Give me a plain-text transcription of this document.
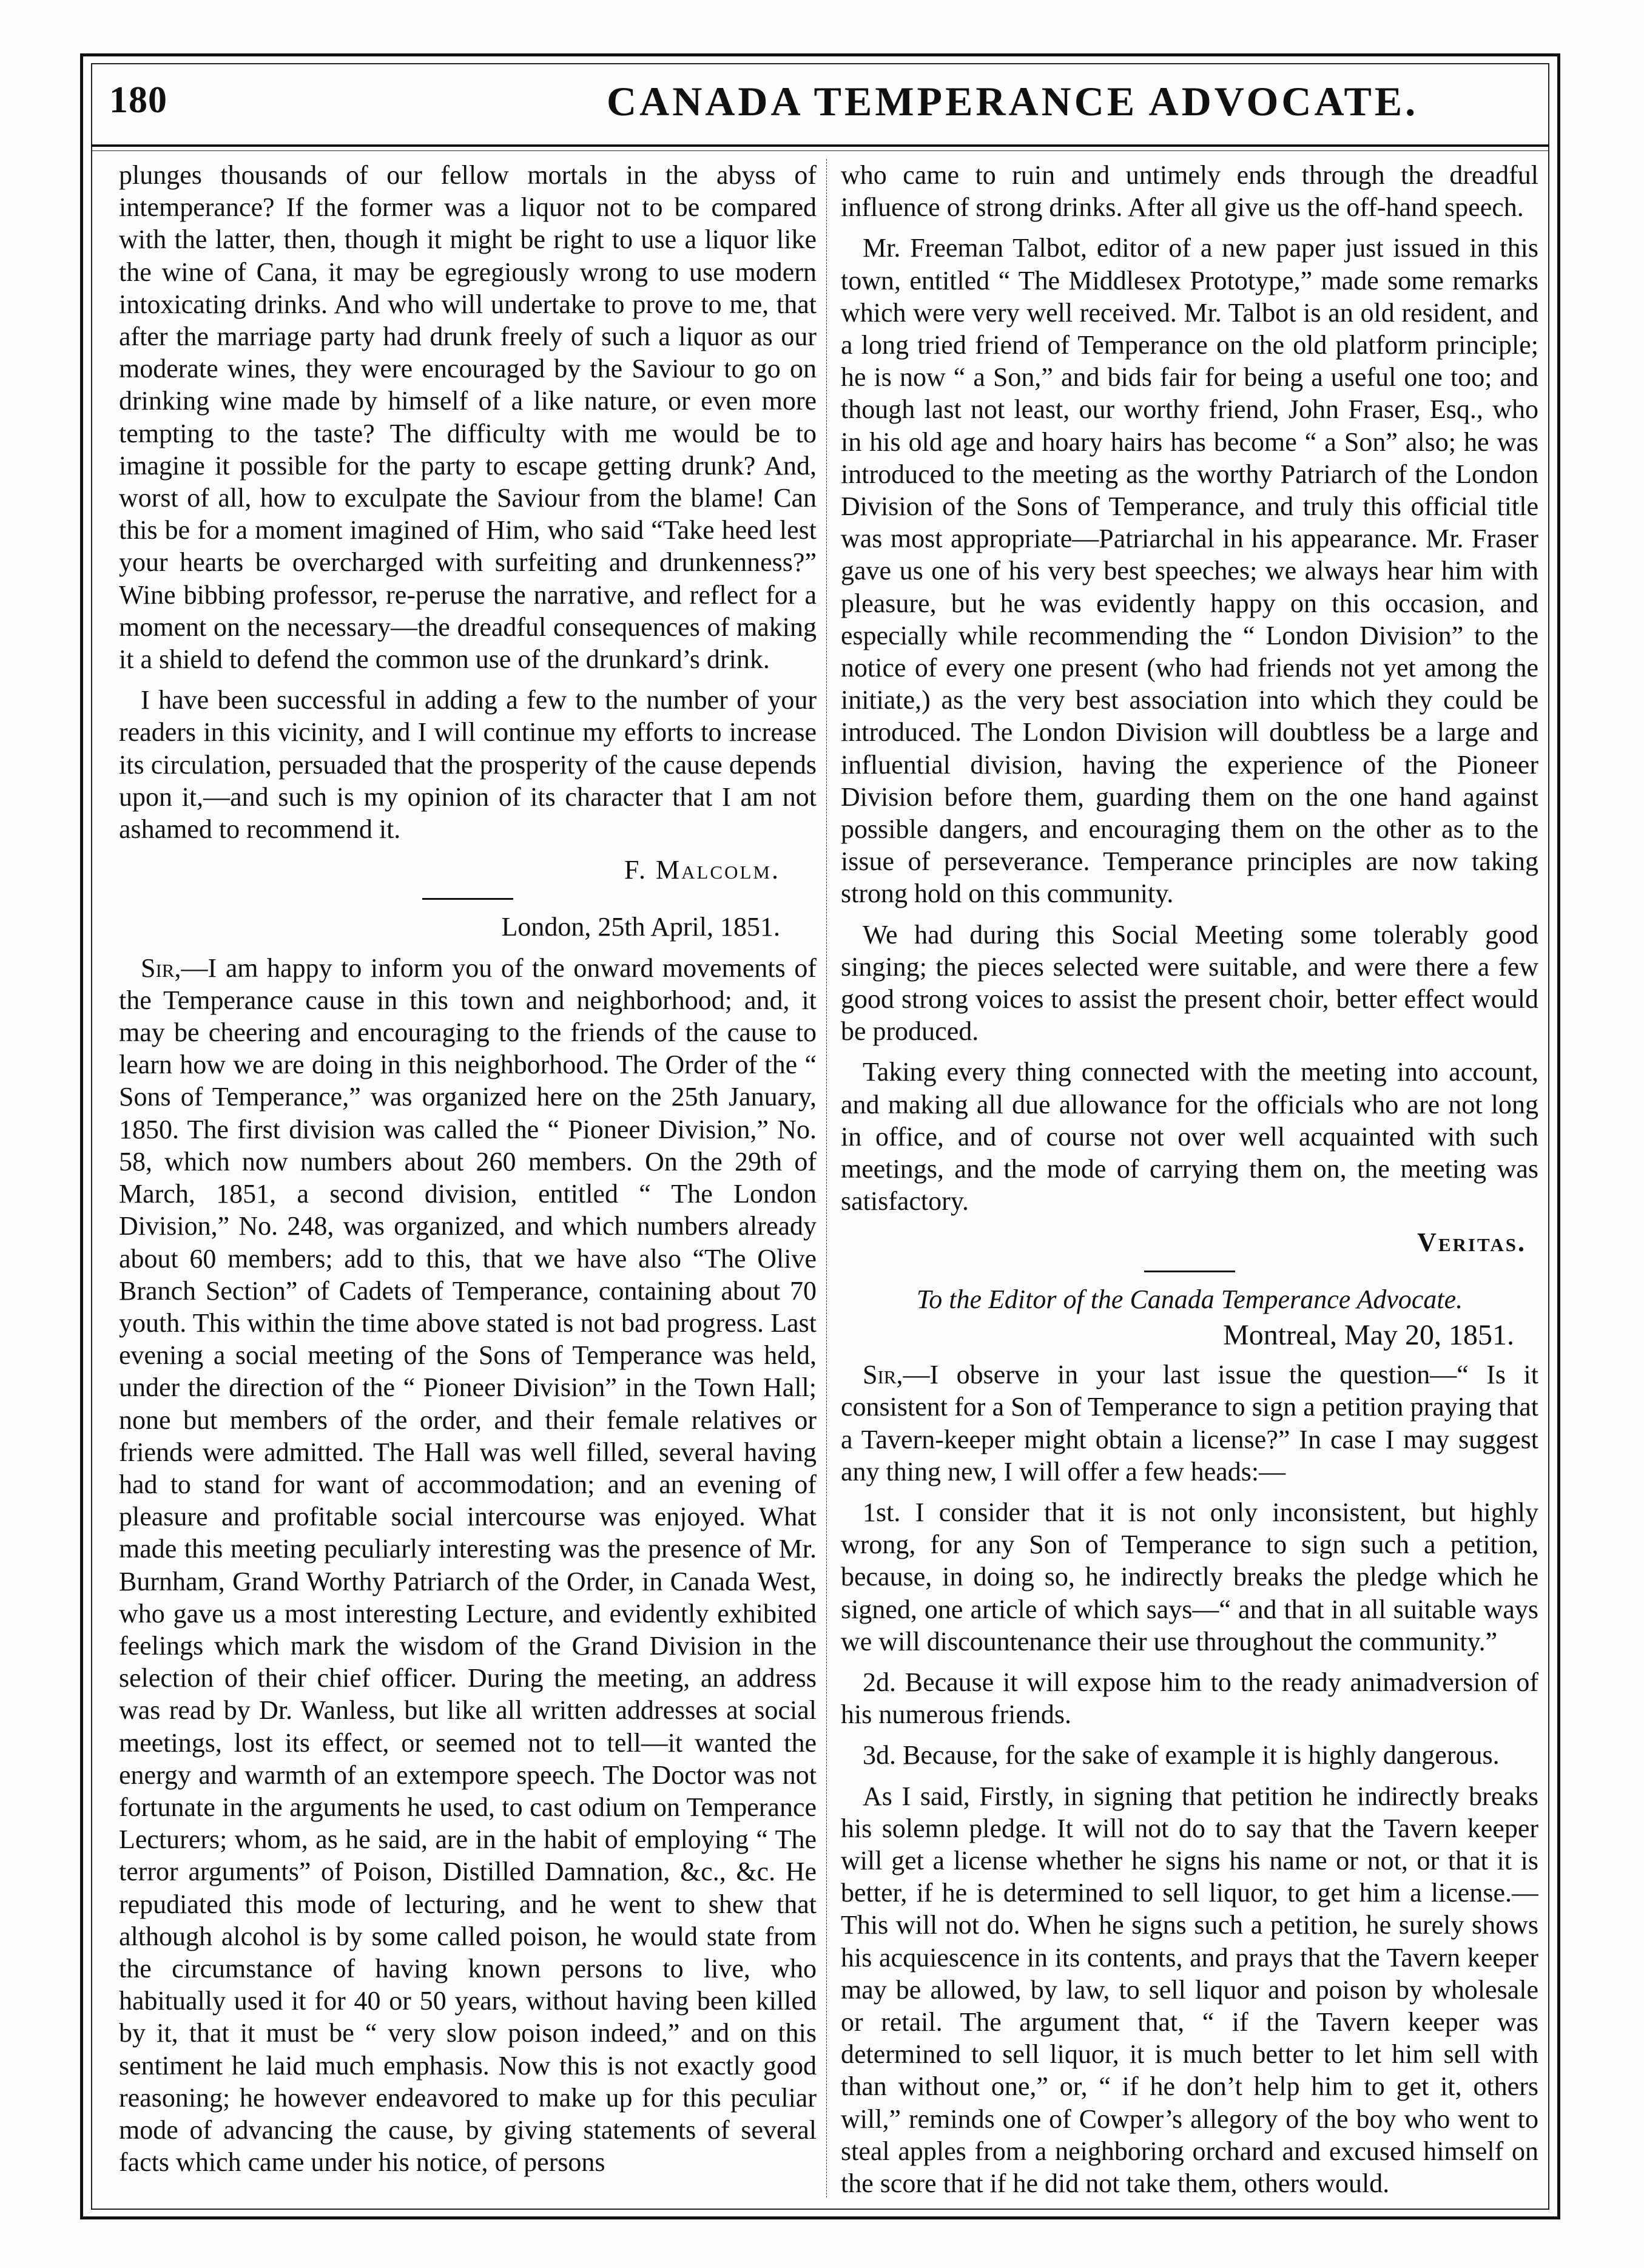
180	CANADA TEMPERANCE ADVOCATE.

plunges thousands of our fellow mortals in the abyss of intemperance? If the former was a liquor not to be compared with the latter, then, though it might be right to use a liquor like the wine of Cana, it may be egregiously wrong to use modern intoxicating drinks. And who will undertake to prove to me, that after the marriage party had drunk freely of such a liquor as our moderate wines, they were encouraged by the Saviour to go on drinking wine made by himself of a like nature, or even more tempting to the taste? The difficulty with me would be to imagine it possible for the party to escape getting drunk? And, worst of all, how to exculpate the Saviour from the blame! Can this be for a moment imagined of Him, who said “Take heed lest your hearts be overcharged with surfeiting and drunkenness?” Wine bibbing professor, re-peruse the narrative, and reflect for a moment on the necessary—the dreadful consequences of making it a shield to defend the common use of the drunkard’s drink.

I have been successful in adding a few to the number of your readers in this vicinity, and I will continue my efforts to increase its circulation, persuaded that the prosperity of the cause depends upon it,—and such is my opinion of its character that I am not ashamed to recommend it.

F. Malcolm.
London, 25th April, 1851.

Sir,—I am happy to inform you of the onward movements of the Temperance cause in this town and neighborhood; and, it may be cheering and encouraging to the friends of the cause to learn how we are doing in this neighborhood. The Order of the “ Sons of Temperance,” was organized here on the 25th January, 1850. The first division was called the “ Pioneer Division,” No. 58, which now numbers about 260 members. On the 29th of March, 1851, a second division, entitled “ The London Division,” No. 248, was organized, and which numbers already about 60 members; add to this, that we have also “The Olive Branch Section” of Cadets of Temperance, containing about 70 youth. This within the time above stated is not bad progress. Last evening a social meeting of the Sons of Temperance was held, under the direction of the “ Pioneer Division” in the Town Hall; none but members of the order, and their female relatives or friends were admitted. The Hall was well filled, several having had to stand for want of accommodation; and an evening of pleasure and profitable social intercourse was enjoyed. What made this meeting peculiarly interesting was the presence of Mr. Burnham, Grand Worthy Patriarch of the Order, in Canada West, who gave us a most interesting Lecture, and evidently exhibited feelings which mark the wisdom of the Grand Division in the selection of their chief officer. During the meeting, an address was read by Dr. Wanless, but like all written addresses at social meetings, lost its effect, or seemed not to tell—it wanted the energy and warmth of an extempore speech. The Doctor was not fortunate in the arguments he used, to cast odium on Temperance Lecturers; whom, as he said, are in the habit of employing “ The terror arguments” of Poison, Distilled Damnation, &c., &c. He repudiated this mode of lecturing, and he went to shew that although alcohol is by some called poison, he would state from the circumstance of having known persons to live, who habitually used it for 40 or 50 years, without having been killed by it, that it must be “ very slow poison indeed,” and on this sentiment he laid much emphasis. Now this is not exactly good reasoning; he however endeavored to make up for this peculiar mode of advancing the cause, by giving statements of several facts which came under his notice, of persons

who came to ruin and untimely ends through the dreadful influence of strong drinks. After all give us the off-hand speech.

Mr. Freeman Talbot, editor of a new paper just issued in this town, entitled “ The Middlesex Prototype,” made some remarks which were very well received. Mr. Talbot is an old resident, and a long tried friend of Temperance on the old platform principle; he is now “ a Son,” and bids fair for being a useful one too; and though last not least, our worthy friend, John Fraser, Esq., who in his old age and hoary hairs has become “ a Son” also; he was introduced to the meeting as the worthy Patriarch of the London Division of the Sons of Temperance, and truly this official title was most appropriate—Patriarchal in his appearance. Mr. Fraser gave us one of his very best speeches; we always hear him with pleasure, but he was evidently happy on this occasion, and especially while recommending the “ London Division” to the notice of every one present (who had friends not yet among the initiate,) as the very best association into which they could be introduced. The London Division will doubtless be a large and influential division, having the experience of the Pioneer Division before them, guarding them on the one hand against possible dangers, and encouraging them on the other as to the issue of perseverance. Temperance principles are now taking strong hold on this community.

We had during this Social Meeting some tolerably good singing; the pieces selected were suitable, and were there a few good strong voices to assist the present choir, better effect would be produced.

Taking every thing connected with the meeting into account, and making all due allowance for the officials who are not long in office, and of course not over well acquainted with such meetings, and the mode of carrying them on, the meeting was satisfactory.

Veritas.
To the Editor of the Canada Temperance Advocate.
Montreal, May 20, 1851.

Sir,—I observe in your last issue the question—“ Is it consistent for a Son of Temperance to sign a petition praying that a Tavern-keeper might obtain a license?” In case I may suggest any thing new, I will offer a few heads:—

1st. I consider that it is not only inconsistent, but highly wrong, for any Son of Temperance to sign such a petition, because, in doing so, he indirectly breaks the pledge which he signed, one article of which says—“ and that in all suitable ways we will discountenance their use throughout the community.”

2d. Because it will expose him to the ready animadversion of his numerous friends.

3d. Because, for the sake of example it is highly dangerous.

As I said, Firstly, in signing that petition he indirectly breaks his solemn pledge. It will not do to say that the Tavern keeper will get a license whether he signs his name or not, or that it is better, if he is determined to sell liquor, to get him a license.—This will not do. When he signs such a petition, he surely shows his acquiescence in its contents, and prays that the Tavern keeper may be allowed, by law, to sell liquor and poison by wholesale or retail. The argument that, “ if the Tavern keeper was determined to sell liquor, it is much better to let him sell with than without one,” or, “ if he don’t help him to get it, others will,” reminds one of Cowper’s allegory of the boy who went to steal apples from a neighboring orchard and excused himself on the score that if he did not take them, others would.
